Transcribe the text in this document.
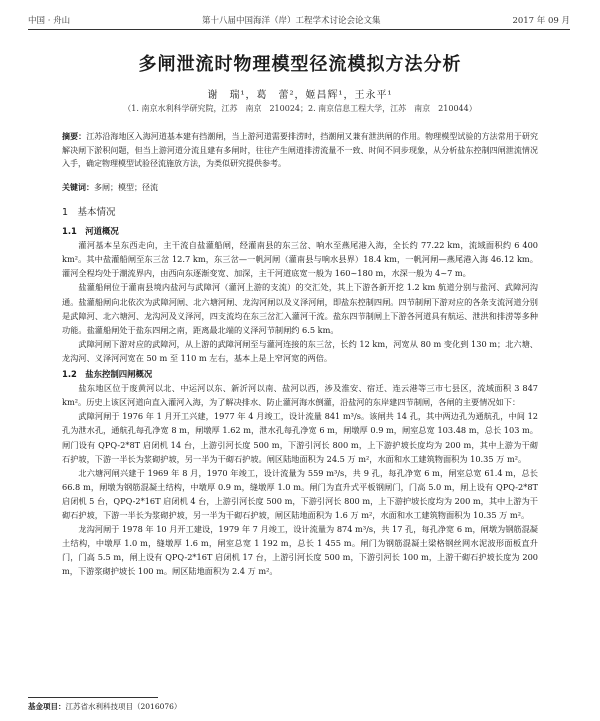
中国 · 舟山	第十八届中国海洋（岸）工程学术讨论会论文集	2017 年 09 月
多闸泄流时物理模型径流模拟方法分析
谢　瑞¹，葛　蕾²，姬昌辉¹，王永平¹
（1. 南京水利科学研究院，江苏　南京　210024；2. 南京信息工程大学，江苏　南京　210044）
摘要：江苏沿海地区入海河道基本建有挡潮闸，当上游河道需要排涝时，挡潮闸又兼有泄洪闸的作用。物理模型试验的方法常用于研究解决闸下淤积问题，但当上游河道分流且建有多闸时，往往产生闸道排涝流量不一致、时间不同步现象，从分析盐东控制四闸泄流情况入手，确定物理模型试验径流施放方法，为类似研究提供参考。
关键词：多闸；模型；径流
1　基本情况
1.1　河道概况

灌河基本呈东西走向，主干流自盐灌船闸，经灌南县的东三岔、响水至燕尾港入海，全长约 77.22 km，流域面积约 6 400 km²。其中盐灌船闸至东三岔 12.7 km，东三岔—一帆河闸（灌南县与响水县界）18.4 km，一帆河闸—燕尾港入海 46.12 km。灌河全程均处于潮流界内，由西向东逐渐变宽、加深，主干河道底宽一般为 160~180 m，水深一般为 4~7 m。

盐灌船闸位于灌南县境内盐河与武障河（灌河上游的支流）的交汇处，其上下游各新开挖 1.2 km 航道分别与盐河、武障河沟通。盐灌船闸向北依次为武障河闸、北六塘河闸、龙沟河闸以及义泽河闸，即盐东控制四闸。四节制闸下游对应的各条支流河道分别是武障河、北六塘河、龙沟河及义泽河，四支流均在东三岔汇入灌河干流。盐东四节制闸上下游各河道具有航运、泄洪和排涝等多种功能。盐灌船闸处于盐东四闸之南，距离最北端的义泽河节制闸约 6.5 km。

武障河闸下游对应的武障河，从上游的武障河闸至与灌河连接的东三岔，长约 12 km，河宽从 80 m 变化到 130 m；北六塘、龙沟河、义泽河河宽在 50 m 至 110 m 左右，基本上是上窄河宽的两倍。

1.2　盐东控制四闸概况

盐东地区位于废黄河以北、中运河以东、新沂河以南、盐河以西，涉及淮安、宿迁、连云港等三市七县区，流域面积 3 847 km²。历史上该区河道向直入灌河入海，为了解决排水、防止灌河海水倒灌，沿盐河的东岸建四节制闸，各闸的主要情况如下：

武障河闸于 1976 年 1 月开工兴建，1977 年 4 月竣工，设计流量 841 m³/s。该闸共 14 孔，其中两边孔为通航孔，中间 12 孔为泄水孔，通航孔每孔净宽 8 m，闸墩厚 1.62 m，泄水孔每孔净宽 6 m，闸墩厚 0.9 m，闸室总宽 103.48 m，总长 103 m。闸门设有 QPQ-2*8T 启闭机 14 台，上游引河长度 500 m，下游引河长 800 m，上下游护坡长度均为 200 m，其中上游为干砌石护坡，下游一半长为浆砌护坡，另一半为干砌石护坡。闸区陆地面积为 24.5 万 m²，水面和水工建筑物面积为 10.35 万 m²。

北六塘河闸兴建于 1969 年 8 月，1970 年竣工，设计流量为 559 m³/s，共 9 孔，每孔净宽 6 m，闸室总宽 61.4 m，总长 66.8 m，闸墩为钢筋混凝土结构，中墩厚 0.9 m，缝墩厚 1.0 m。闸门为直升式平板钢闸门，门高 5.0 m，闸上设有 QPQ-2*8T 启闭机 5 台，QPQ-2*16T 启闭机 4 台，上游引河长度 500 m，下游引河长 800 m，上下游护坡长度均为 200 m，其中上游为干砌石护坡，下游一半长为浆砌护坡，另一半为干砌石护坡，闸区陆地面积为 1.6 万 m²，水面和水工建筑物面积为 10.35 万 m²。

龙沟河闸于 1978 年 10 月开工建设，1979 年 7 月竣工，设计流量为 874 m³/s，共 17 孔，每孔净宽 6 m，闸墩为钢筋混凝土结构，中墩厚 1.0 m，缝墩厚 1.6 m，闸室总宽 1 192 m，总长 1 455 m。闸门为钢筋混凝土梁格钢丝网水泥波形面板直升门，门高 5.5 m，闸上设有 QPQ-2*16T 启闭机 17 台，上游引河长度 500 m，下游引河长 100 m，上游干砌石护坡长度为 200 m，下游浆砌护坡长 100 m。闸区陆地面积为 2.4 万 m²。

基金项目：江苏省水利科技项目（2016076）
